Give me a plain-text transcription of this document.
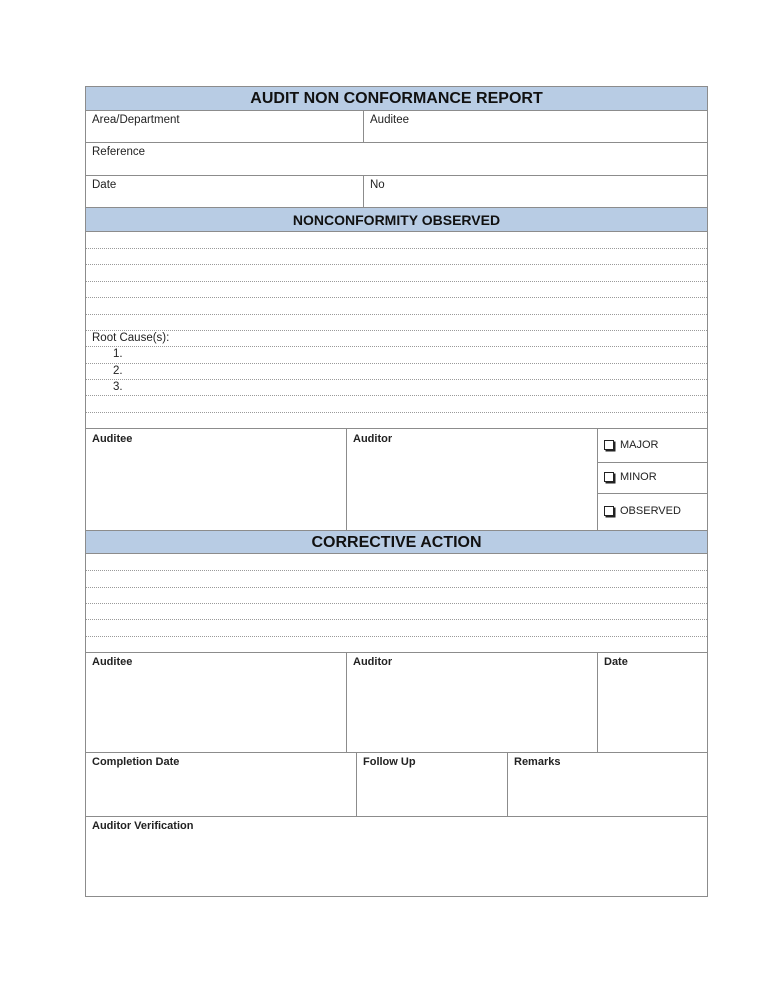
AUDIT NON CONFORMANCE REPORT
Area/Department	Auditee
Reference
Date	No
NONCONFORMITY OBSERVED
Root Cause(s):
1.
2.
3.
Auditee	Auditor	MAJOR
MINOR
OBSERVED
CORRECTIVE ACTION
Auditee	Auditor	Date
Completion Date	Follow Up	Remarks
Auditor Verification
